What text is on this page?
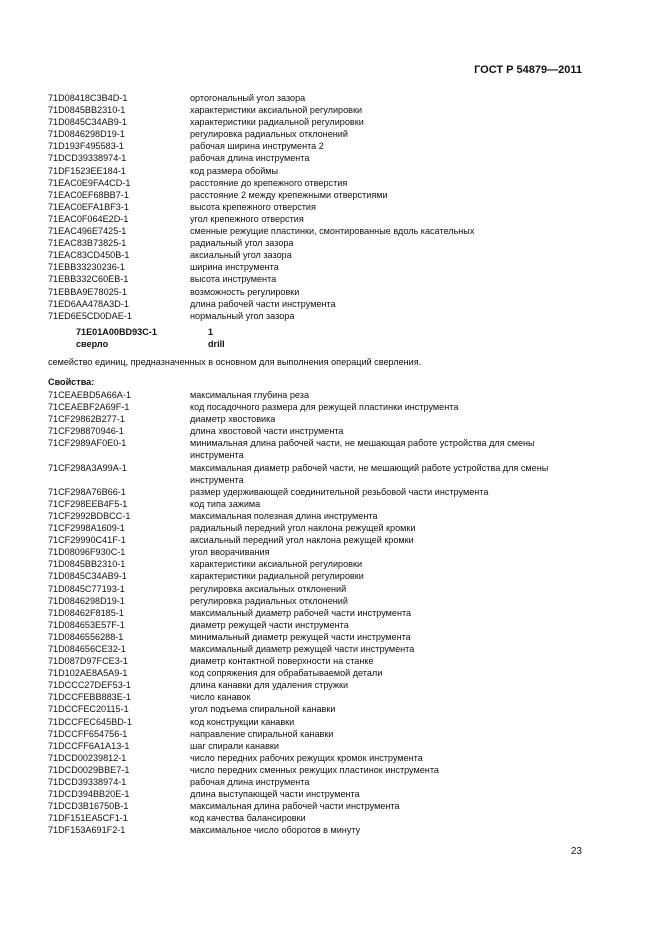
ГОСТ Р 54879—2011
71D08418C3B4D-1	ортогональный угол зазора
71D0845BB2310-1	характеристики аксиальной регулировки
71D0845C34AB9-1	характеристики радиальной регулировки
71D0846298D19-1	регулировка радиальных отклонений
71D193F495583-1	рабочая ширина инструмента 2
71DCD39338974-1	рабочая длина инструмента
71DF1523EE184-1	код размера обоймы
71EAC0E9FA4CD-1	расстояние до крепежного отверстия
71EAC0EF68BB7-1	расстояние 2 между крепежными отверстиями
71EAC0EFA1BF3-1	высота крепежного отверстия
71EAC0F064E2D-1	угол крепежного отверстия
71EAC496E7425-1	сменные режущие пластинки, смонтированные вдоль касательных
71EAC83B73825-1	радиальный угол зазора
71EAC83CD450B-1	аксиальный угол зазора
71EBB33230236-1	ширина инструмента
71EBB332C60EB-1	высота инструмента
71EBBA9E78025-1	возможность регулировки
71ED6AA478A3D-1	длина рабочей части инструмента
71ED6E5CD0DAE-1	нормальный угол зазора
71E01A00BD93C-1	1
сверло	drill
семейство единиц, предназначенных в основном для выполнения операций сверления.
Свойства:
71CEAEBD5A66A-1	максимальная глубина реза
71CEAEBF2A69F-1	код посадочного размера для режущей пластинки инструмента
71CF29862B277-1	диаметр хвостовика
71CF298870946-1	длина хвостовой части инструмента
71CF2989AF0E0-1	минимальная длина рабочей части, не мешающая работе устройства для смены инструмента
71CF298A3A99A-1	максимальная диаметр рабочей части, не мешающий работе устройства для смены инструмента
71CF298A76B66-1	размер удерживающей соединительной резьбовой части инструмента
71CF298EEB4F5-1	код типа зажима
71CF2992BDBCC-1	максимальная полезная длина инструмента
71CF2998A1609-1	радиальный передний угол наклона режущей кромки
71CF29990C41F-1	аксиальный передний угол наклона режущей кромки
71D08096F930C-1	угол вворачивания
71D0845BB2310-1	характеристики аксиальной регулировки
71D0845C34AB9-1	характеристики радиальной регулировки
71D0845C77193-1	регулировка аксиальных отклонений
71D0846298D19-1	регулировка радиальных отклонений
71D08462F8185-1	максимальный диаметр рабочей части инструмента
71D084653E57F-1	диаметр режущей части инструмента
71D0846556288-1	минимальный диаметр режущей части инструмента
71D084656CE32-1	максимальный диаметр режущей части инструмента
71D087D97FCE3-1	диаметр контактной поверхности на станке
71D102AE8A5A9-1	код сопряжения для обрабатываемой детали
71DCCC27DEF53-1	длина канавки для удаления стружки
71DCCFEBB883E-1	число канавок
71DCCFEC20115-1	угол подъема спиральной канавки
71DCCFEC645BD-1	код конструкции канавки
71DCCFF654756-1	направление спиральной канавки
71DCCFF6A1A13-1	шаг спирали канавки
71DCD00239812-1	число передних рабочих режущих кромок инструмента
71DCD0029BBE7-1	число передних сменных режущих пластинок инструмента
71DCD39338974-1	рабочая длина инструмента
71DCD394BB20E-1	длина выступающей части инструмента
71DCD3B16750B-1	максимальная длина рабочей части инструмента
71DF151EA5CF1-1	код качества балансировки
71DF153A691F2-1	максимальное число оборотов в минуту
23
